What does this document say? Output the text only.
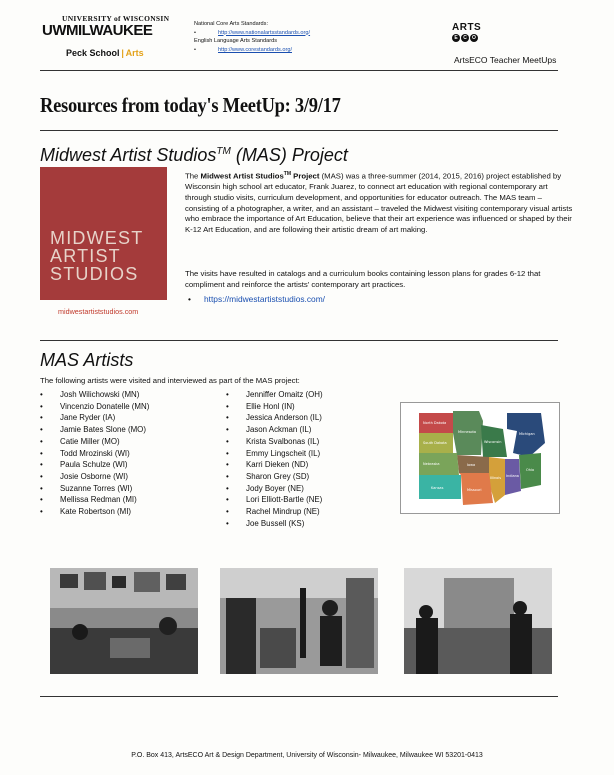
UNIVERSITY of WISCONSIN
UWMILWAUKEE
Peck School | Arts
National Core Arts Standards:
•	http://www.nationalartsstandards.org/
English Language Arts Standards
•	http://www.corestandards.org/
ARTS
E	C	O
ArtsECO Teacher MeetUps
Resources from today's MeetUp: 3/9/17
Midwest Artist Studios™ (MAS) Project
MIDWEST
ARTIST
STUDIOS
midwestartiststudios.com
The Midwest Artist Studios™ Project (MAS) was a three-summer (2014, 2015, 2016) project established by Wisconsin high school art educator, Frank Juarez, to connect art education with regional contemporary art through studio visits, curriculum development, and opportunities for educator outreach. The MAS team – consisting of a photographer, a writer, and an assistant – traveled the Midwest visiting contemporary visual artists who embrace the importance of Art Education, believe that their art experience was influenced or shaped by their K-12 Art Education, and are following their artistic dream of art making.
The visits have resulted in catalogs and a curriculum books containing lesson plans for grades 6-12 that compliment and reinforce the artists' contemporary art practices.
• https://midwestartiststudios.com/
MAS Artists
The following artists were visited and interviewed as part of the MAS project:
• Josh Wilichowski (MN)
• Vincenzio Donatelle (MN)
• Jane Ryder (IA)
• Jamie Bates Slone (MO)
• Catie Miller (MO)
• Todd Mrozinski (WI)
• Paula Schulze (WI)
• Josie Osborne (WI)
• Suzanne Torres (WI)
• Mellissa Redman (MI)
• Kate Robertson (MI)
• Jenniffer Omaitz (OH)
• Ellie Honl (IN)
• Jessica Anderson (IL)
• Jason Ackman (IL)
• Krista Svalbonas (IL)
• Emmy Lingscheit (IL)
• Karri Dieken (ND)
• Sharon Grey (SD)
• Jody Boyer (NE)
• Lori Elliott-Bartle (NE)
• Rachel Mindrup (NE)
• Joe Bussell (KS)
North Dakota
South Dakota
Minnesota
Wisconsin
Michigan
Iowa
Nebraska
Illinois Indiana
Ohio
Kansas	Missouri
P.O. Box 413, ArtsECO Art & Design Department, University of Wisconsin- Milwaukee, Milwaukee WI 53201-0413
